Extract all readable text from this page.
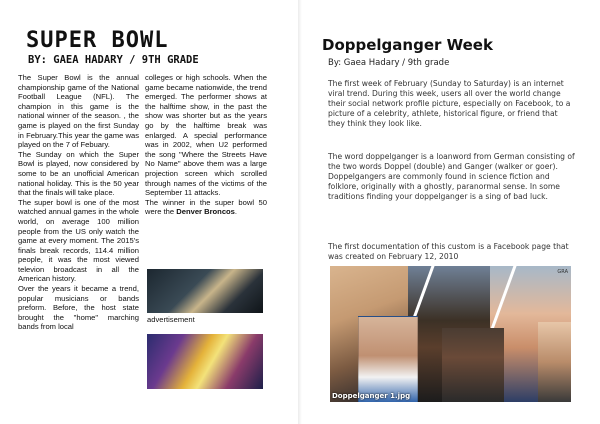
SUPER BOWL
BY: GAEA HADARY / 9TH GRADE

The Super Bowl is the annual championship game of the National Football League (NFL). The champion in this game is the national winner of the season. , the game is played on the first Sunday in February.This year the game was played on the 7 of Febuary.

The Sunday on which the Super Bowl is played, now considered by some to be an unofficial American national holiday. This is the 50 year that the finals will take place.

The super bowl is one of the most watched annual games in the whole world, on average 100 million people from the US only watch the game at every moment. The 2015's finals break records, 114.4 million people, it was the most viewed televion broadcast in all the American history.

Over the years it became a trend, popular musicians or bands preform. Before, the host state brought the "home" marching bands from local

colleges or high schools. When the game became nationwide, the trend emerged. The performer shows at the halftime show, in the past the show was shorter but as the years go by the halftime break was enlarged. A special performance was in 2002, when U2 performed the song "Where the Streets Have No Name" above them was a large projection screen which scrolled through names of the victims of the September 11 attacks.

The winner in the super bowl 50 were the Denver Broncos.

advertisement
Doppelganger Week
By: Gaea Hadary / 9th grade

The first week of February (Sunday to Saturday) is an internet viral trend. During this week, users all over the world change their social network profile picture, especially on Facebook, to a picture of a celebrity, athlete, historical figure, or friend that they think they look like.

The word doppelganger is a loanword from German consisting of the two words Doppel (double) and Ganger (walker or goer).

Doppelgangers are commonly found in science fiction and folklore, originally with a ghostly, paranormal sense. In some traditions finding your doppelganger is a sing of bad luck.

The first documentation of this custom is a Facebook page that was created on February 12, 2010

GRA
Doppelganger 1.jpg
